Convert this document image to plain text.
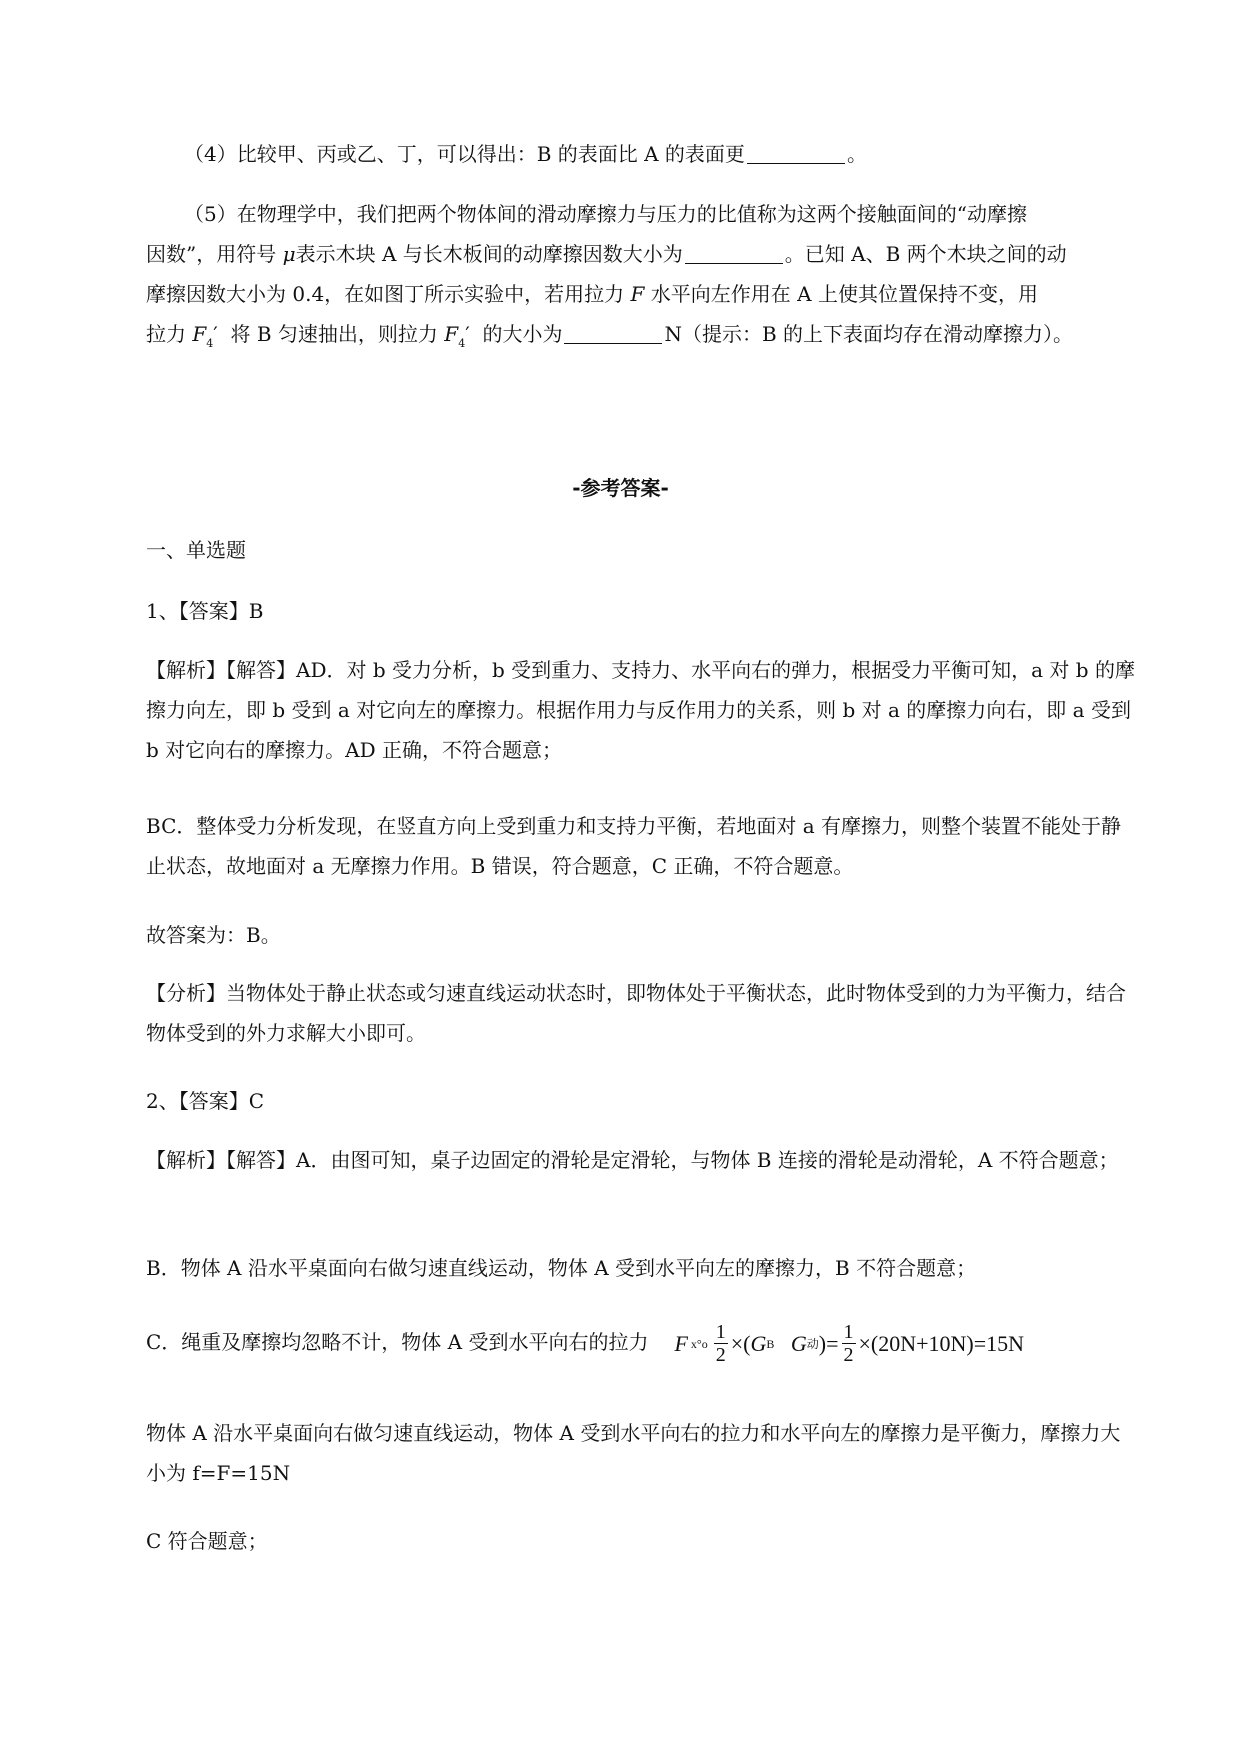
（4）比较甲、丙或乙、丁，可以得出：B 的表面比 A 的表面更	。

（5）在物理学中，我们把两个物体间的滑动摩擦力与压力的比值称为这两个接触面间的“动摩擦
因数”，用符号 μ表示木块 A 与长木板间的动摩擦因数大小为	。已知 A、B 两个木块之间的动
摩擦因数大小为 0.4，在如图丁所示实验中，若用拉力 F 水平向左作用在 A 上使其位置保持不变，用
拉力 $F_4'$ 将 B 匀速抽出，则拉力 $F_4'$ 的大小为	N（提示：B 的上下表面均存在滑动摩擦力）。

-参考答案-

一、单选题

1、【答案】B

【解析】【解答】AD．对 b 受力分析，b 受到重力、支持力、水平向右的弹力，根据受力平衡可知，a 对 b 的摩擦力向左，即 b 受到 a 对它向左的摩擦力。根据作用力与反作用力的关系，则 b 对 a 的摩擦力向右，即 a 受到 b 对它向右的摩擦力。AD 正确，不符合题意；

BC．整体受力分析发现，在竖直方向上受到重力和支持力平衡，若地面对 a 有摩擦力，则整个装置不能处于静止状态，故地面对 a 无摩擦力作用。B 错误，符合题意，C 正确，不符合题意。

故答案为：B。

【分析】当物体处于静止状态或匀速直线运动状态时，即物体处于平衡状态，此时物体受到的力为平衡力，结合物体受到的外力求解大小即可。

2、【答案】C

【解析】【解答】A．由图可知，桌子边固定的滑轮是定滑轮，与物体 B 连接的滑轮是动滑轮，A 不符合题意；

B．物体 A 沿水平桌面向右做匀速直线运动，物体 A 受到水平向左的摩擦力，B 不符合题意；

C．绳重及摩擦均忽略不计，物体 A 受到水平向右的拉力 F $x^\circ o \frac{1}{2}$ ×( G B
G 动 )= $\frac{1}{2} \times(20N+10N)=15N$

物体 A 沿水平桌面向右做匀速直线运动，物体 A 受到水平向右的拉力和水平向左的摩擦力是平衡力，摩擦力大小为 f=F=15N

C 符合题意；
